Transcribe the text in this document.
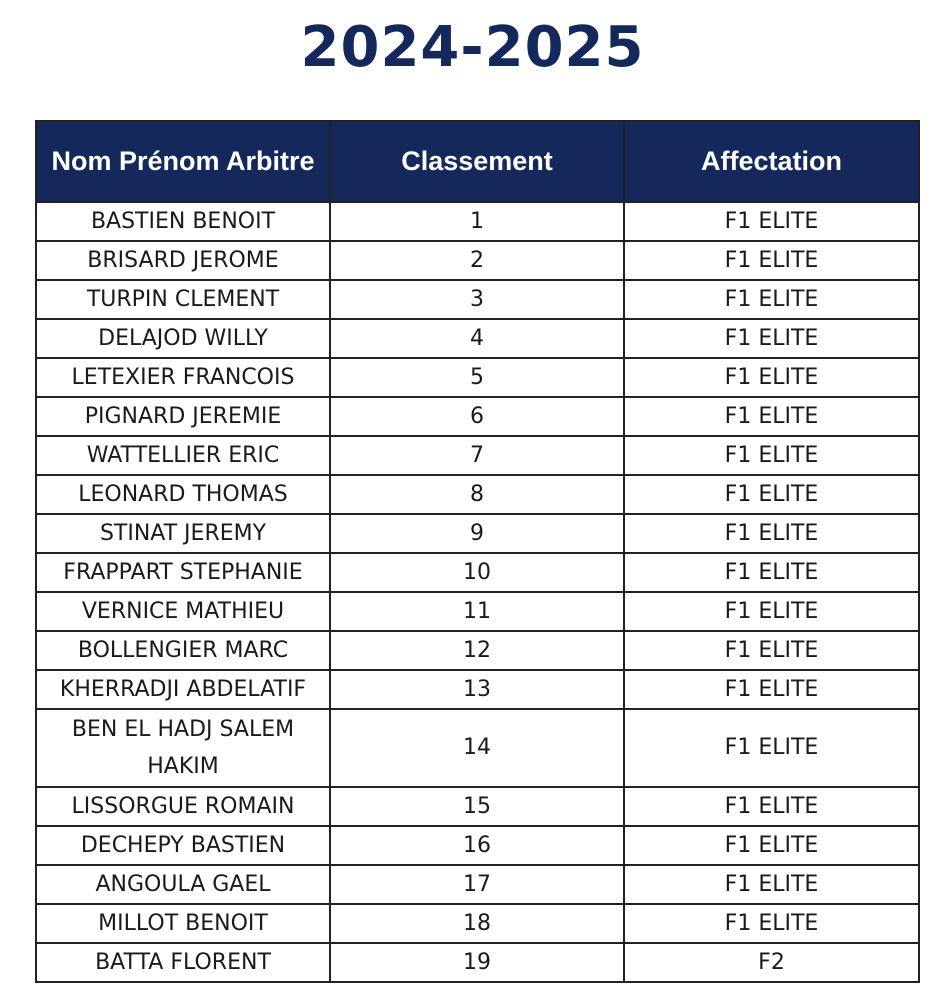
2024-2025
Nom Prénom Arbitre	Classement	Affectation
BASTIEN BENOIT	1	F1 ELITE
BRISARD JEROME	2	F1 ELITE
TURPIN CLEMENT	3	F1 ELITE
DELAJOD WILLY	4	F1 ELITE
LETEXIER FRANCOIS	5	F1 ELITE
PIGNARD JEREMIE	6	F1 ELITE
WATTELLIER ERIC	7	F1 ELITE
LEONARD THOMAS	8	F1 ELITE
STINAT JEREMY	9	F1 ELITE
FRAPPART STEPHANIE	10	F1 ELITE
VERNICE MATHIEU	11	F1 ELITE
BOLLENGIER MARC	12	F1 ELITE
KHERRADJI ABDELATIF	13	F1 ELITE
BEN EL HADJ SALEM HAKIM	14	F1 ELITE
LISSORGUE ROMAIN	15	F1 ELITE
DECHEPY BASTIEN	16	F1 ELITE
ANGOULA GAEL	17	F1 ELITE
MILLOT BENOIT	18	F1 ELITE
BATTA FLORENT	19	F2
